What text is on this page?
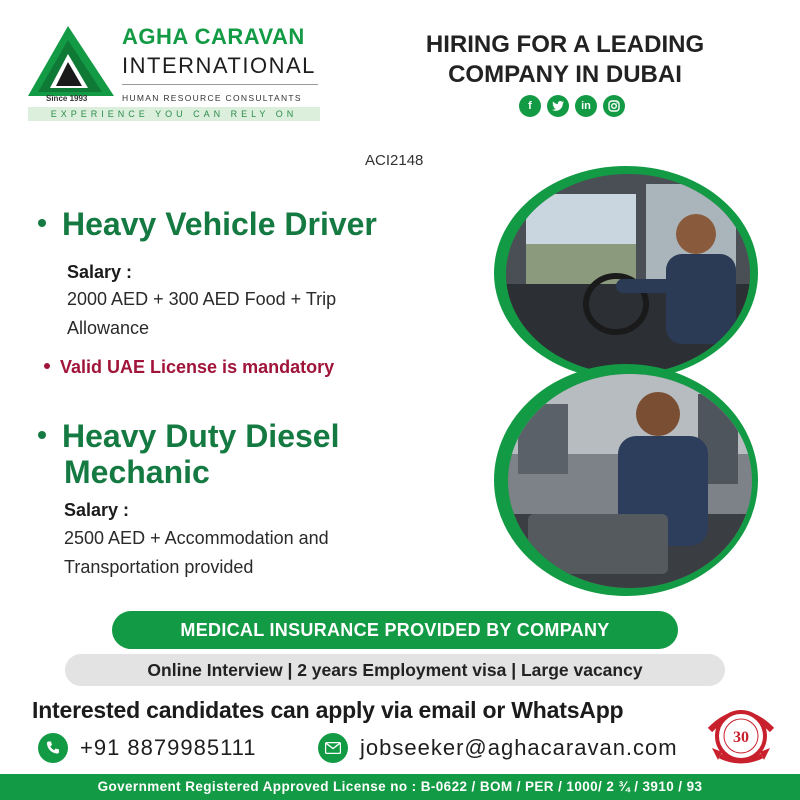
Since 1993
AGHA CARAVAN
INTERNATIONAL
HUMAN RESOURCE CONSULTANTS
EXPERIENCE YOU CAN RELY ON
HIRING FOR A LEADING
COMPANY IN DUBAI
f	in
ACI2148
Heavy Vehicle Driver
Salary :
2000 AED + 300 AED Food + Trip
Allowance
Valid UAE License is mandatory
Heavy Duty Diesel
Mechanic
Salary :
2500 AED + Accommodation and
Transportation provided
MEDICAL INSURANCE PROVIDED BY COMPANY
Online Interview | 2 years Employment visa | Large vacancy
Interested candidates can apply via email or WhatsApp
+91 8879985111	jobseeker@aghacaravan.com	30
Government Registered Approved License no : B-0622 / BOM / PER / 1000/ 2 ¾ / 3910 / 93
